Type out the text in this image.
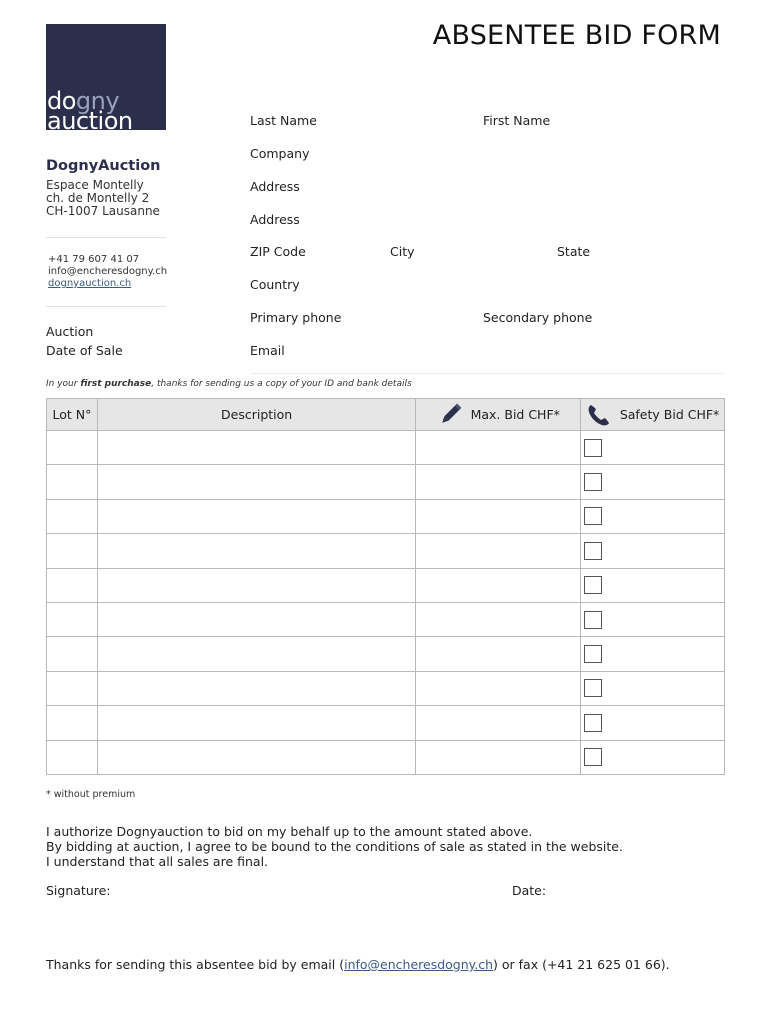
ABSENTEE BID FORM
dogny
auction
DognyAuction
Espace Montelly
ch. de Montelly 2
CH-1007 Lausanne
+41 79 607 41 07
info@encheresdogny.ch
dognyauction.ch
Auction
Date of Sale
Last Name	First Name
Company
Address
Address
ZIP Code	City	State
Country
Primary phone	Secondary phone
Email
In your first purchase, thanks for sending us a copy of your ID and bank details
Lot N°	Description	Max. Bid CHF*	Safety Bid CHF*

* without premium
I authorize Dognyauction to bid on my behalf up to the amount stated above.
By bidding at auction, I agree to be bound to the conditions of sale as stated in the website.
I understand that all sales are final.
Signature:	Date:
Thanks for sending this absentee bid by email (info@encheresdogny.ch) or fax (+41 21 625 01 66).
